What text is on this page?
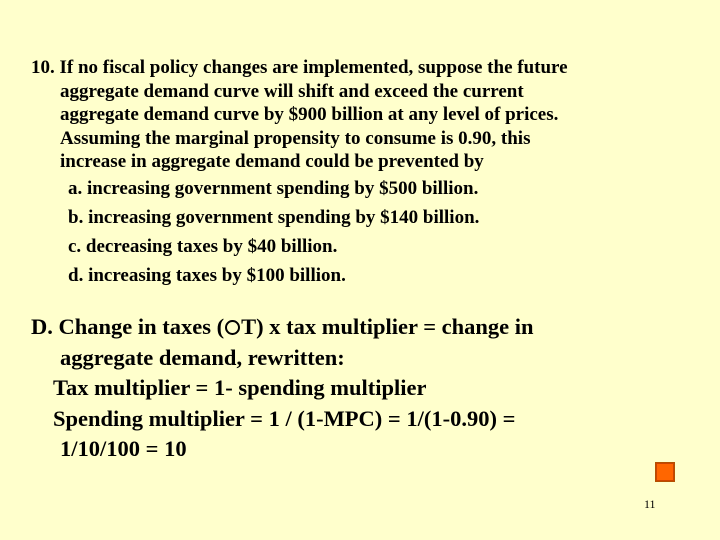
10. If no fiscal policy changes are implemented, suppose the future
aggregate demand curve will shift and exceed the current
aggregate demand curve by $900 billion at any level of prices.
Assuming the marginal propensity to consume is 0.90, this
increase in aggregate demand could be prevented by
a. increasing government spending by $500 billion.
b. increasing government spending by $140 billion.
c. decreasing taxes by $40 billion.
d. increasing taxes by $100 billion.
D. Change in taxes ( T) x tax multiplier = change in
aggregate demand, rewritten:
Tax multiplier = 1- spending multiplier
Spending multiplier = 1 / (1-MPC) = 1/(1-0.90) =
1/10/100 = 10
11
